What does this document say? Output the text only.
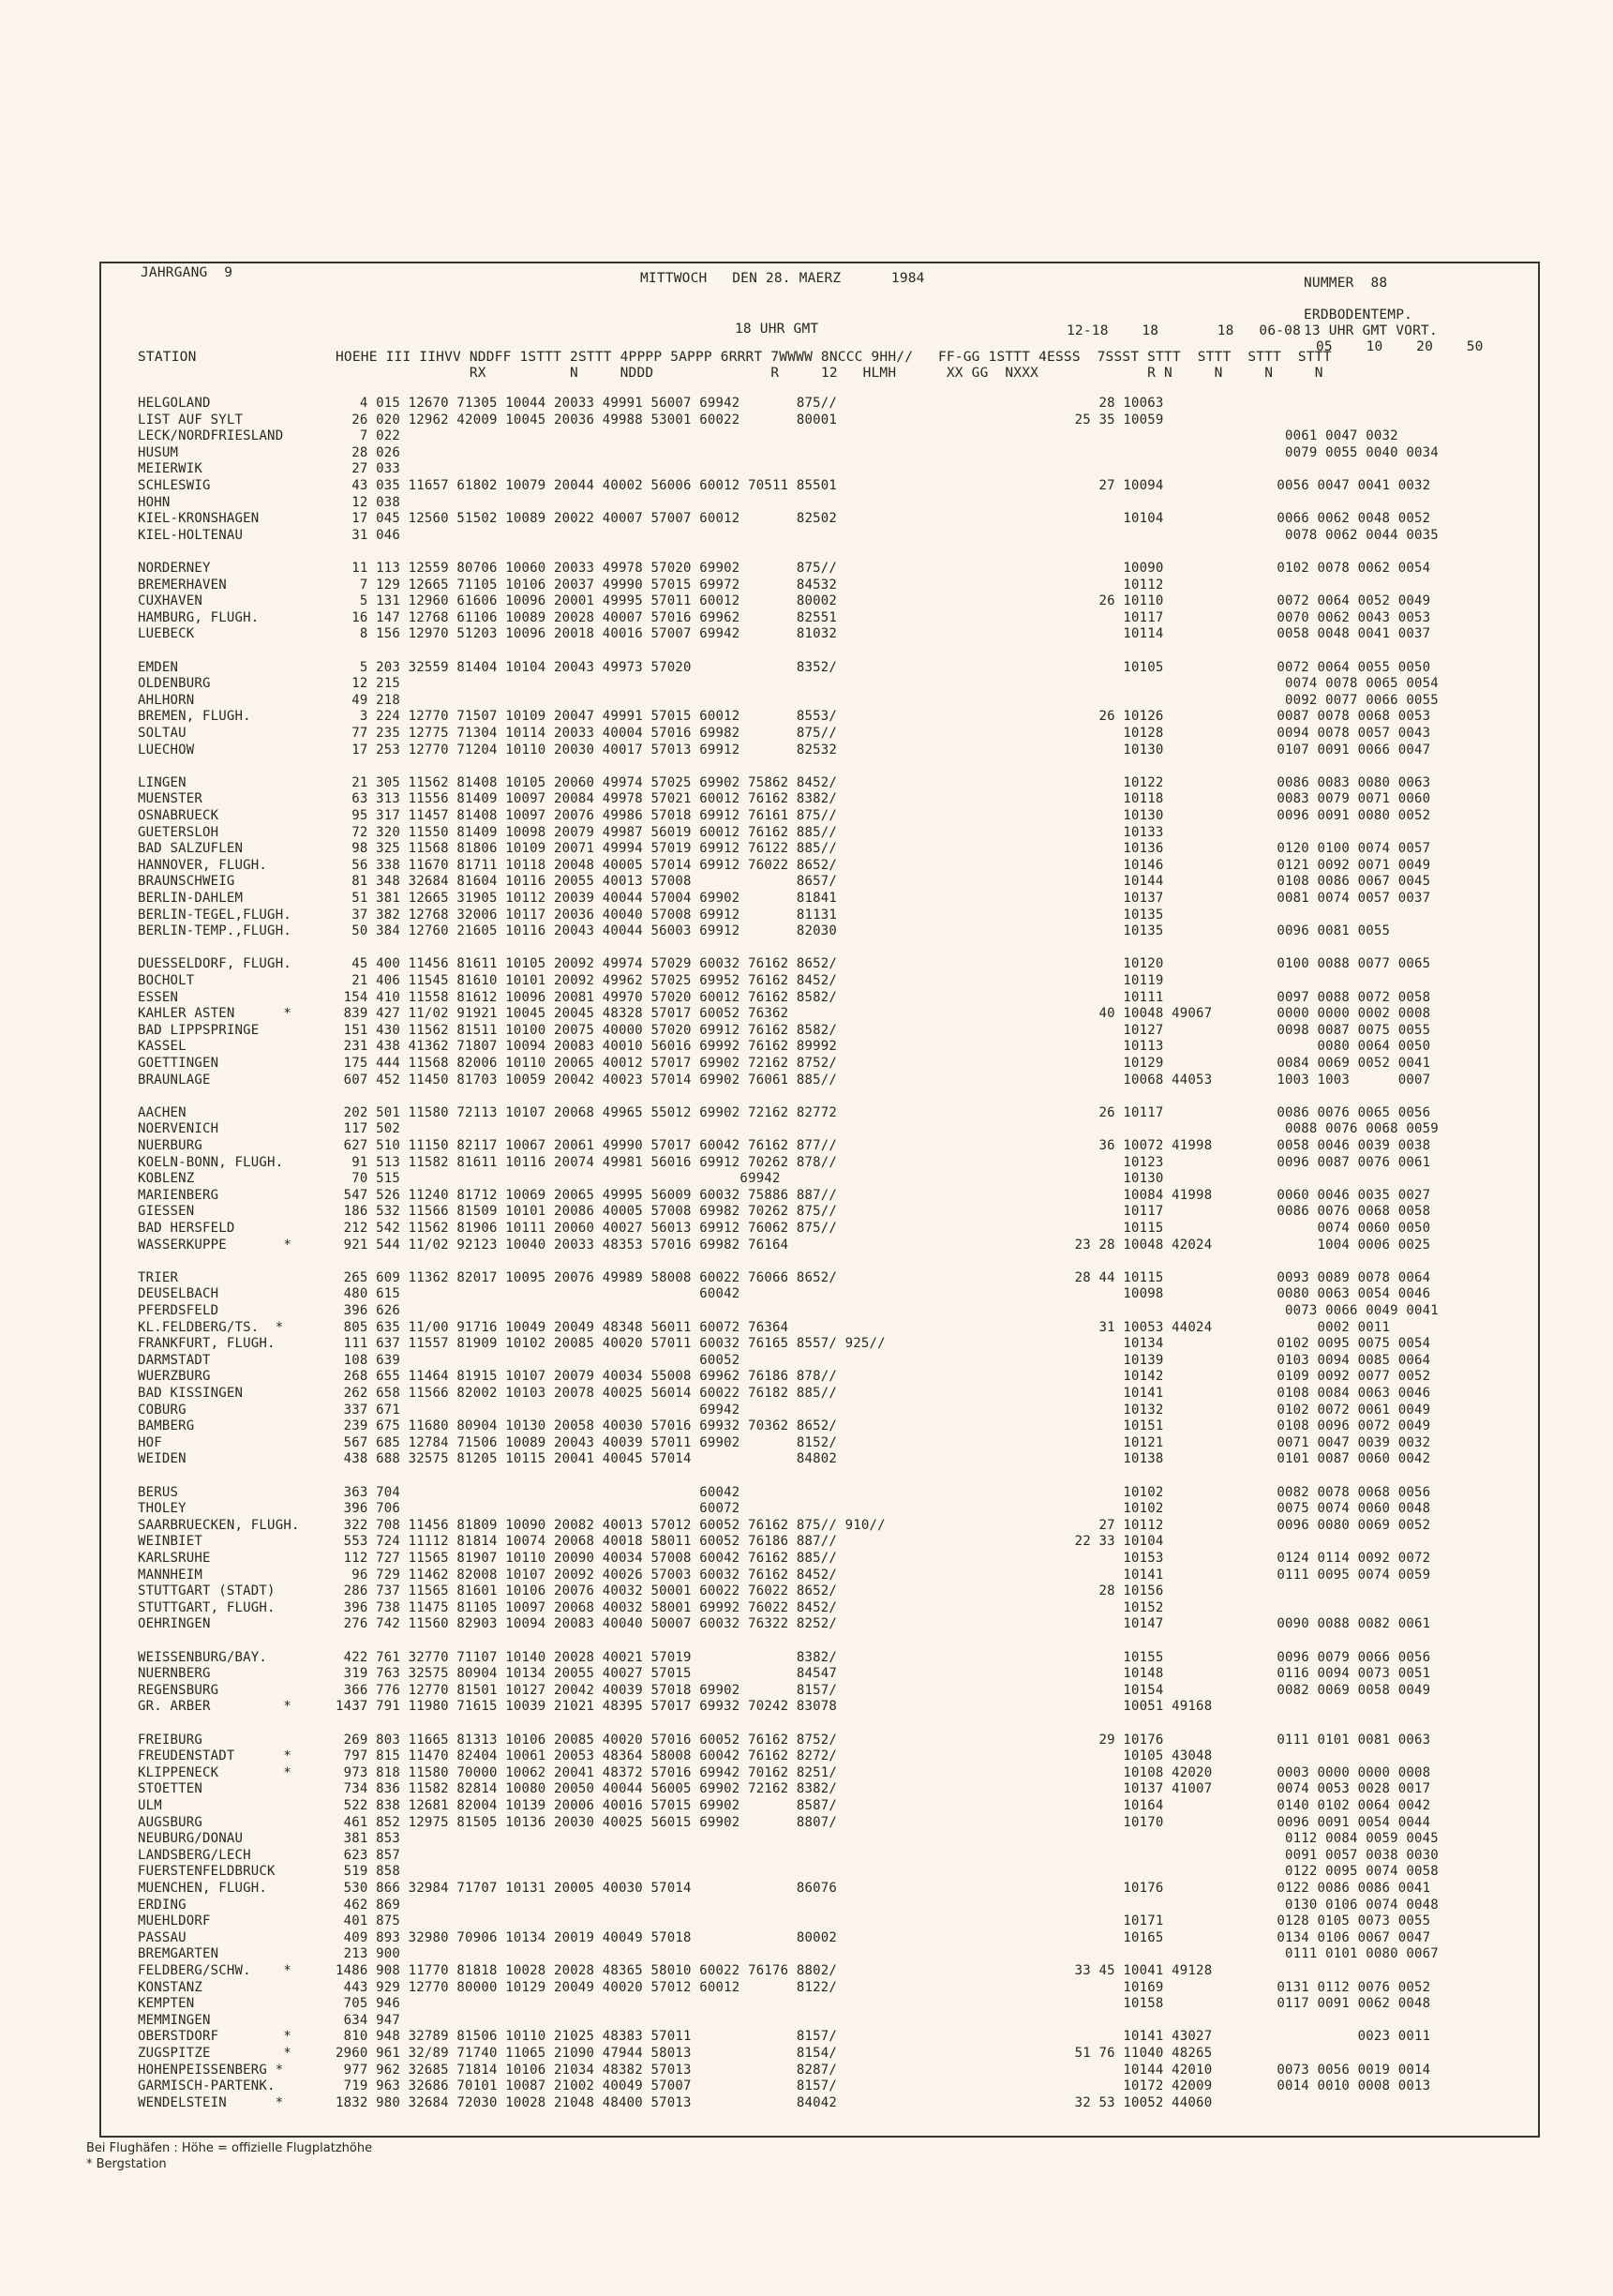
JAHRGANG  9	MITTWOCH   DEN 28. MAERZ      1984	NUMMER  88
18 UHR GMT	12-18    18       18   06-08
ERDBODENTEMP.
13 UHR GMT VORT.
05    10    20    50
STATION	HOEHE III IIHVV NDDFF 1STTT 2STTT 4PPPP 5APPP 6RRRT 7WWWW 8NCCC 9HH//   FF-GG 1STTT 4ESSS  7SSST STTT  STTT  STTT  STTT
RX          N     NDDD              R     12   HLMH      XX GG  NXXX             R N     N     N     N
HELGOLAND	4 015 12670 71305 10044 20033 49991 56007 69942       875//	28 10063
LIST AUF SYLT	26 020 12962 42009 10045 20036 49988 53001 60022       80001	25 35 10059
LECK/NORDFRIESLAND	7 022	0061 0047 0032
HUSUM	28 026	0079 0055 0040 0034
MEIERWIK	27 033
SCHLESWIG	43 035 11657 61802 10079 20044 40002 56006 60012 70511 85501	27 10094              0056 0047 0041 0032
HOHN	12 038
KIEL-KRONSHAGEN	17 045 12560 51502 10089 20022 40007 57007 60012       82502	10104              0066 0062 0048 0052
KIEL-HOLTENAU	31 046	0078 0062 0044 0035
NORDERNEY	11 113 12559 80706 10060 20033 49978 57020 69902       875//	10090              0102 0078 0062 0054
BREMERHAVEN	7 129 12665 71105 10106 20037 49990 57015 69972       84532	10112
CUXHAVEN	5 131 12960 61606 10096 20001 49995 57011 60012       80002	26 10110              0072 0064 0052 0049
HAMBURG, FLUGH.	16 147 12768 61106 10089 20028 40007 57016 69962       82551	10117              0070 0062 0043 0053
LUEBECK	8 156 12970 51203 10096 20018 40016 57007 69942       81032	10114              0058 0048 0041 0037
EMDEN	5 203 32559 81404 10104 20043 49973 57020             8352/	10105              0072 0064 0055 0050
OLDENBURG	12 215	0074 0078 0065 0054
AHLHORN	49 218	0092 0077 0066 0055
BREMEN, FLUGH.	3 224 12770 71507 10109 20047 49991 57015 60012       8553/	26 10126              0087 0078 0068 0053
SOLTAU	77 235 12775 71304 10114 20033 40004 57016 69982       875//	10128              0094 0078 0057 0043
LUECHOW	17 253 12770 71204 10110 20030 40017 57013 69912       82532	10130              0107 0091 0066 0047
LINGEN	21 305 11562 81408 10105 20060 49974 57025 69902 75862 8452/	10122              0086 0083 0080 0063
MUENSTER	63 313 11556 81409 10097 20084 49978 57021 60012 76162 8382/	10118              0083 0079 0071 0060
OSNABRUECK	95 317 11457 81408 10097 20076 49986 57018 69912 76161 875//	10130              0096 0091 0080 0052
GUETERSLOH	72 320 11550 81409 10098 20079 49987 56019 60012 76162 885//	10133
BAD SALZUFLEN	98 325 11568 81806 10109 20071 49994 57019 69912 76122 885//	10136              0120 0100 0074 0057
HANNOVER, FLUGH.	56 338 11670 81711 10118 20048 40005 57014 69912 76022 8652/	10146              0121 0092 0071 0049
BRAUNSCHWEIG	81 348 32684 81604 10116 20055 40013 57008             8657/	10144              0108 0086 0067 0045
BERLIN-DAHLEM	51 381 12665 31905 10112 20039 40044 57004 69902       81841	10137              0081 0074 0057 0037
BERLIN-TEGEL,FLUGH.	37 382 12768 32006 10117 20036 40040 57008 69912       81131	10135
BERLIN-TEMP.,FLUGH.	50 384 12760 21605 10116 20043 40044 56003 69912       82030	10135              0096 0081 0055
DUESSELDORF, FLUGH.	45 400 11456 81611 10105 20092 49974 57029 60032 76162 8652/	10120              0100 0088 0077 0065
BOCHOLT	21 406 11545 81610 10101 20092 49962 57025 69952 76162 8452/	10119
ESSEN	154 410 11558 81612 10096 20081 49970 57020 60012 76162 8582/	10111              0097 0088 0072 0058
KAHLER ASTEN      *	839 427 11/02 91921 10045 20045 48328 57017 60052 76362	40 10048 49067        0000 0000 0002 0008
BAD LIPPSPRINGE	151 430 11562 81511 10100 20075 40000 57020 69912 76162 8582/	10127              0098 0087 0075 0055
KASSEL	231 438 41362 71807 10094 20083 40010 56016 69992 76162 89992	10113                   0080 0064 0050
GOETTINGEN	175 444 11568 82006 10110 20065 40012 57017 69902 72162 8752/	10129              0084 0069 0052 0041
BRAUNLAGE	607 452 11450 81703 10059 20042 40023 57014 69902 76061 885//	10068 44053        1003 1003      0007
AACHEN	202 501 11580 72113 10107 20068 49965 55012 69902 72162 82772	26 10117              0086 0076 0065 0056
NOERVENICH	117 502	0088 0076 0068 0059
NUERBURG	627 510 11150 82117 10067 20061 49990 57017 60042 76162 877//	36 10072 41998        0058 0046 0039 0038
KOELN-BONN, FLUGH.	91 513 11582 81611 10116 20074 49981 56016 69912 70262 878//	10123              0096 0087 0076 0061
KOBLENZ	70 515                                          69942	10130
MARIENBERG	547 526 11240 81712 10069 20065 49995 56009 60032 75886 887//	10084 41998        0060 0046 0035 0027
GIESSEN	186 532 11566 81509 10101 20086 40005 57008 69982 70262 875//	10117              0086 0076 0068 0058
BAD HERSFELD	212 542 11562 81906 10111 20060 40027 56013 69912 76062 875//	10115                   0074 0060 0050
WASSERKUPPE       *	921 544 11/02 92123 10040 20033 48353 57016 69982 76164	23 28 10048 42024             1004 0006 0025
TRIER	265 609 11362 82017 10095 20076 49989 58008 60022 76066 8652/	28 44 10115              0093 0089 0078 0064
DEUSELBACH	480 615                                     60042	10098              0080 0063 0054 0046
PFERDSFELD	396 626	0073 0066 0049 0041
KL.FELDBERG/TS.  *	805 635 11/00 91716 10049 20049 48348 56011 60072 76364	31 10053 44024             0002 0011
FRANKFURT, FLUGH.	111 637 11557 81909 10102 20085 40020 57011 60032 76165 8557/ 925//	10134              0102 0095 0075 0054
DARMSTADT	108 639                                     60052	10139              0103 0094 0085 0064
WUERZBURG	268 655 11464 81915 10107 20079 40034 55008 69962 76186 878//	10142              0109 0092 0077 0052
BAD KISSINGEN	262 658 11566 82002 10103 20078 40025 56014 60022 76182 885//	10141              0108 0084 0063 0046
COBURG	337 671                                     69942	10132              0102 0072 0061 0049
BAMBERG	239 675 11680 80904 10130 20058 40030 57016 69932 70362 8652/	10151              0108 0096 0072 0049
HOF	567 685 12784 71506 10089 20043 40039 57011 69902       8152/	10121              0071 0047 0039 0032
WEIDEN	438 688 32575 81205 10115 20041 40045 57014             84802	10138              0101 0087 0060 0042
BERUS	363 704                                     60042	10102              0082 0078 0068 0056
THOLEY	396 706                                     60072	10102              0075 0074 0060 0048
SAARBRUECKEN, FLUGH.	322 708 11456 81809 10090 20082 40013 57012 60052 76162 875// 910//	27 10112              0096 0080 0069 0052
WEINBIET	553 724 11112 81814 10074 20068 40018 58011 60052 76186 887//	22 33 10104
KARLSRUHE	112 727 11565 81907 10110 20090 40034 57008 60042 76162 885//	10153              0124 0114 0092 0072
MANNHEIM	96 729 11462 82008 10107 20092 40026 57003 60032 76162 8452/	10141              0111 0095 0074 0059
STUTTGART (STADT)	286 737 11565 81601 10106 20076 40032 50001 60022 76022 8652/	28 10156
STUTTGART, FLUGH.	396 738 11475 81105 10097 20068 40032 58001 69992 76022 8452/	10152
OEHRINGEN	276 742 11560 82903 10094 20083 40040 50007 60032 76322 8252/	10147              0090 0088 0082 0061
WEISSENBURG/BAY.	422 761 32770 71107 10140 20028 40021 57019             8382/	10155              0096 0079 0066 0056
NUERNBERG	319 763 32575 80904 10134 20055 40027 57015             84547	10148              0116 0094 0073 0051
REGENSBURG	366 776 12770 81501 10127 20042 40039 57018 69902       8157/	10154              0082 0069 0058 0049
GR. ARBER         *	1437 791 11980 71615 10039 21021 48395 57017 69932 70242 83078	10051 49168
FREIBURG	269 803 11665 81313 10106 20085 40020 57016 60052 76162 8752/	29 10176              0111 0101 0081 0063
FREUDENSTADT      *	797 815 11470 82404 10061 20053 48364 58008 60042 76162 8272/	10105 43048
KLIPPENECK        *	973 818 11580 70000 10062 20041 48372 57016 69942 70162 8251/	10108 42020        0003 0000 0000 0008
STOETTEN	734 836 11582 82814 10080 20050 40044 56005 69902 72162 8382/	10137 41007        0074 0053 0028 0017
ULM	522 838 12681 82004 10139 20006 40016 57015 69902       8587/	10164              0140 0102 0064 0042
AUGSBURG	461 852 12975 81505 10136 20030 40025 56015 69902       8807/	10170              0096 0091 0054 0044
NEUBURG/DONAU	381 853	0112 0084 0059 0045
LANDSBERG/LECH	623 857	0091 0057 0038 0030
FUERSTENFELDBRUCK	519 858	0122 0095 0074 0058
MUENCHEN, FLUGH.	530 866 32984 71707 10131 20005 40030 57014             86076	10176              0122 0086 0086 0041
ERDING	462 869	0130 0106 0074 0048
MUEHLDORF	401 875	10171              0128 0105 0073 0055
PASSAU	409 893 32980 70906 10134 20019 40049 57018             80002	10165              0134 0106 0067 0047
BREMGARTEN	213 900	0111 0101 0080 0067
FELDBERG/SCHW.    *	1486 908 11770 81818 10028 20028 48365 58010 60022 76176 8802/	33 45 10041 49128
KONSTANZ	443 929 12770 80000 10129 20049 40020 57012 60012       8122/	10169              0131 0112 0076 0052
KEMPTEN	705 946	10158              0117 0091 0062 0048
MEMMINGEN	634 947
OBERSTDORF        *	810 948 32789 81506 10110 21025 48383 57011             8157/	10141 43027                  0023 0011
ZUGSPITZE         *	2960 961 32/89 71740 11065 21090 47944 58013             8154/	51 76 11040 48265
HOHENPEISSENBERG *	977 962 32685 71814 10106 21034 48382 57013             8287/	10144 42010        0073 0056 0019 0014
GARMISCH-PARTENK.	719 963 32686 70101 10087 21002 40049 57007             8157/	10172 42009        0014 0010 0008 0013
WENDELSTEIN      *	1832 980 32684 72030 10028 21048 48400 57013             84042	32 53 10052 44060
Bei Flughäfen : Höhe = offizielle Flugplatzhöhe
* Bergstation
